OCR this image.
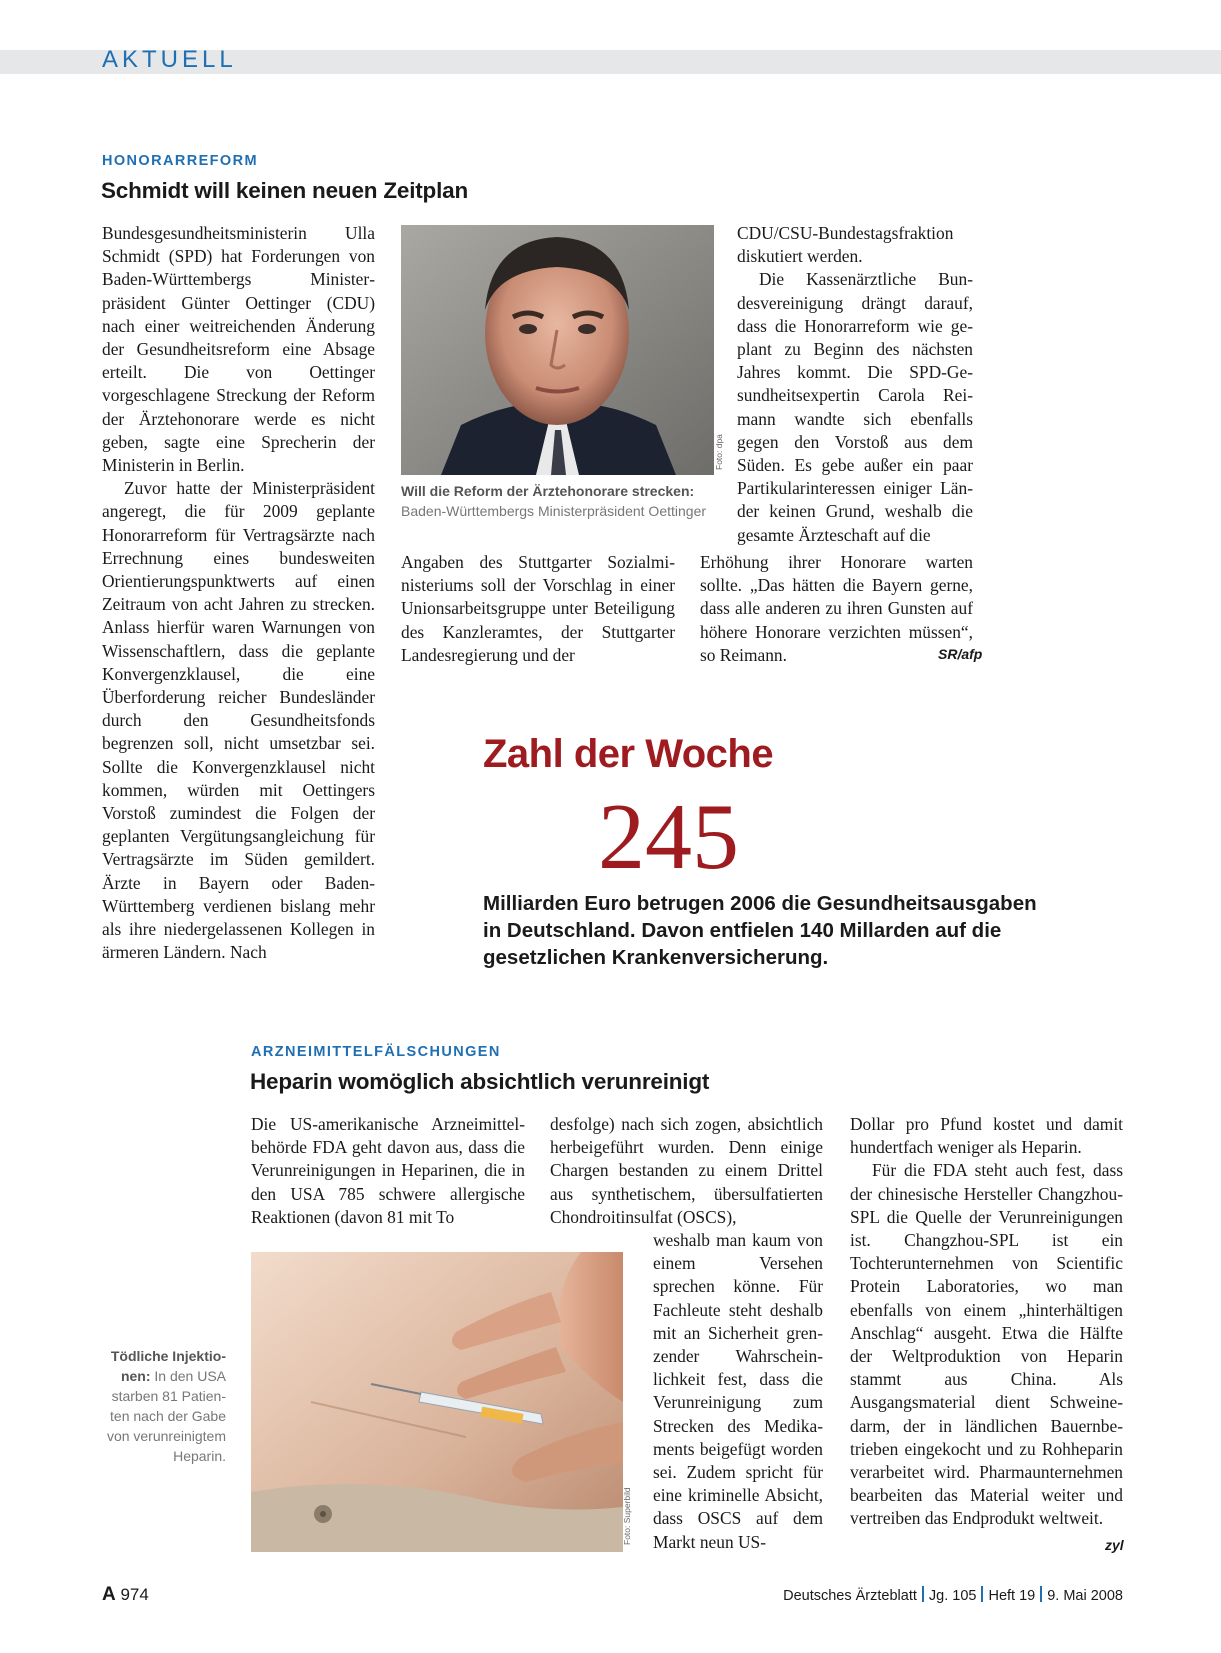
AKTUELL
HONORARREFORM
Schmidt will keinen neuen Zeitplan

Bundesgesundheitsministerin Ulla Schmidt (SPD) hat Forderungen von Baden-Württembergs Ministerpräsident Günter Oettinger (CDU) nach einer weitreichenden Änderung der Gesundheitsreform eine Absage erteilt. Die von Oettinger vorgeschlagene Streckung der Reform der Ärztehonorare werde es nicht geben, sagte eine Sprecherin der Ministerin in Berlin.

Zuvor hatte der Ministerpräsident angeregt, die für 2009 geplante Honorarreform für Vertragsärzte nach Errechnung eines bundesweiten Orientierungspunktwerts auf einen Zeitraum von acht Jahren zu strecken. Anlass hierfür waren Warnungen von Wissenschaftlern, dass die geplante Konvergenzklausel, die eine Überforderung reicher Bundesländer durch den Gesundheitsfonds begrenzen soll, nicht umsetzbar sei. Sollte die Konvergenzklausel nicht kommen, würden mit Oettingers Vorstoß zumindest die Folgen der geplanten Vergütungsangleichung für Vertragsärzte im Süden gemildert. Ärzte in Bayern oder Baden-Württemberg verdienen bislang mehr als ihre niedergelassenen Kollegen in ärmeren Ländern. Nach

Foto: dpa
Will die Reform der Ärztehonorare strecken:
Baden-Württembergs Ministerpräsident Oettinger

Angaben des Stuttgarter Sozialministeriums soll der Vorschlag in einer Unionsarbeitsgruppe unter Beteiligung des Kanzleramtes, der Stuttgarter Landesregierung und der

CDU/CSU-Bundestagsfraktion diskutiert werden.

Die Kassenärztliche Bundesvereinigung drängt darauf, dass die Honorarreform wie geplant zu Beginn des nächsten Jahres kommt. Die SPD-Gesundheitsexpertin Carola Reimann wandte sich ebenfalls gegen den Vorstoß aus dem Süden. Es gebe außer ein paar Partikularinteressen einiger Länder keinen Grund, weshalb die gesamte Ärzteschaft auf die

Erhöhung ihrer Honorare warten sollte. „Das hätten die Bayern gerne, dass alle anderen zu ihren Gunsten auf höhere Honorare verzichten müssen“, so Reimann.	SR/afp
Zahl der Woche
245
Milliarden Euro betrugen 2006 die Gesundheitsausgaben in Deutschland. Davon entfielen 140 Millarden auf die gesetzlichen Krankenversicherung.
ARZNEIMITTELFÄLSCHUNGEN
Heparin womöglich absichtlich verunreinigt

Die US-amerikanische Arzneimittelbehörde FDA geht davon aus, dass die Verunreinigungen in Heparinen, die in den USA 785 schwere allergische Reaktionen (davon 81 mit To

Foto: Superbild
Tödliche Injektionen: In den USA starben 81 Patienten nach der Gabe von verunreinigtem Heparin.

desfolge) nach sich zogen, absichtlich herbeigeführt wurden. Denn einige Chargen bestanden zu einem Drittel aus synthetischem, übersulfatierten Chondroitinsulfat (OSCS),

weshalb man kaum von einem Versehen sprechen könne. Für Fachleute steht deshalb mit an Sicherheit grenzender Wahrscheinlichkeit fest, dass die Verunreinigung zum Strecken des Medikaments beigefügt worden sei. Zudem spricht für eine kriminelle Absicht, dass OSCS auf dem Markt neun US-

Dollar pro Pfund kostet und damit hundertfach weniger als Heparin.

Für die FDA steht auch fest, dass der chinesische Hersteller Changzhou-SPL die Quelle der Verunreinigungen ist. Changzhou-SPL ist ein Tochterunternehmen von Scientific Protein Laboratories, wo man ebenfalls von einem „hinterhältigen Anschlag“ ausgeht. Etwa die Hälfte der Weltproduktion von Heparin stammt aus China. Als Ausgangsmaterial dient Schweinedarm, der in ländlichen Bauernbetrieben eingekocht und zu Rohheparin verarbeitet wird. Pharmaunternehmen bearbeiten das Material weiter und vertreiben das Endprodukt weltweit.

zyl
A 974	Deutsches Ärzteblatt Jg. 105 Heft 19 9. Mai 2008
